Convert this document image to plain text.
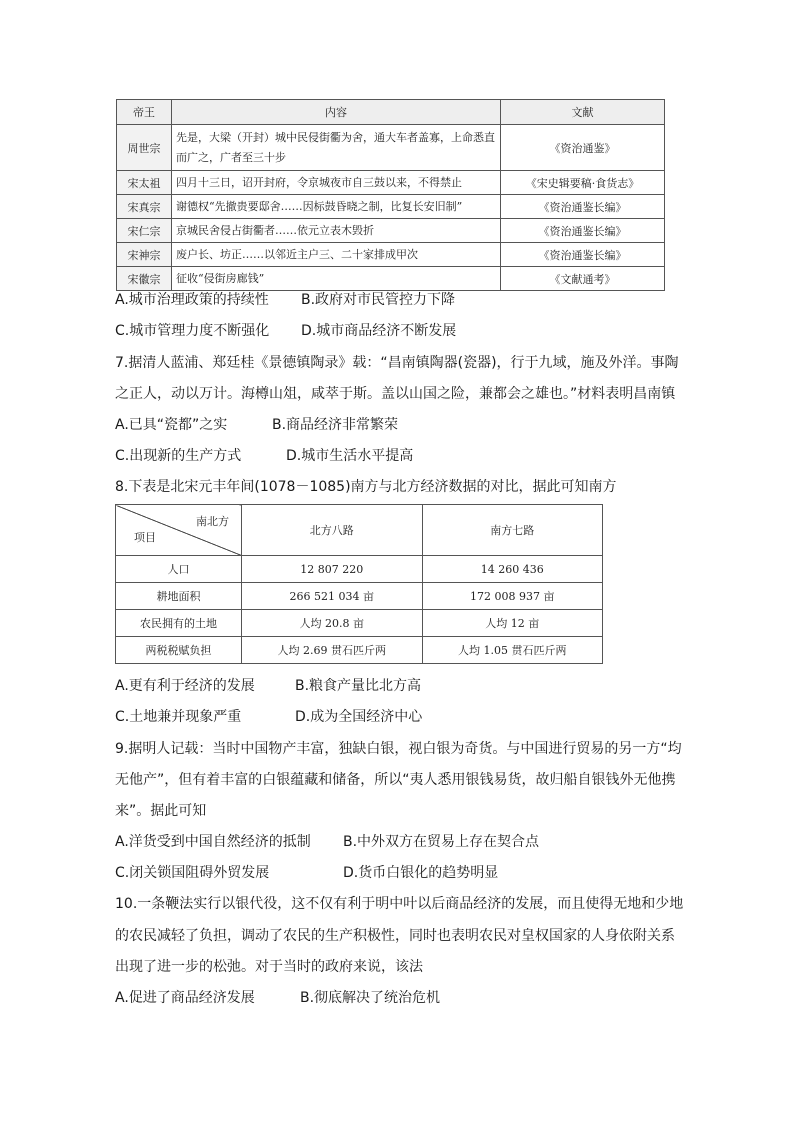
帝王	内容	文献
周世宗	先是，大梁（开封）城中民侵街衢为舍，通大车者盖寡，上命悉直而广之，广者至三十步	《资治通鉴》
宋太祖	四月十三日，诏开封府，令京城夜市自三鼓以来，不得禁止	《宋史辑要稿·食货志》
宋真宗	谢德权“先撤贵要邸舍……因标鼓昏晓之制，比复长安旧制”	《资治通鉴长编》
宋仁宗	京城民舍侵占街衢者……依元立表木毁折	《资治通鉴长编》
宋神宗	废户长、坊正……以邻近主户三、二十家排成甲次	《资治通鉴长编》
宋徽宗	征收“侵街房廊钱”	《文献通考》
A.城市治理政策的持续性 B.政府对市民管控力下降
C.城市管理力度不断强化 D.城市商品经济不断发展
7.据清人蓝浦、郑廷桂《景德镇陶录》载：“昌南镇陶器(瓷器)，行于九域，施及外洋。事陶
之正人，动以万计。海樽山俎，咸萃于斯。盖以山国之险，兼都会之雄也。”材料表明昌南镇
A.已具“瓷都”之实	B.商品经济非常繁荣
C.出现新的生产方式	D.城市生活水平提高
8.下表是北宋元丰年间(1078－1085)南方与北方经济数据的对比，据此可知南方
南北方
项目	北方八路	南方七路
人口	12 807 220	14 260 436
耕地面积	266 521 034 亩	172 008 937 亩
农民拥有的土地	人均 20.8 亩	人均 12 亩
两税税赋负担	人均 2.69 贯石匹斤两	人均 1.05 贯石匹斤两
A.更有利于经济的发展	B.粮食产量比北方高
C.土地兼并现象严重	D.成为全国经济中心
9.据明人记载：当时中国物产丰富，独缺白银，视白银为奇货。与中国进行贸易的另一方“均
无他产”，但有着丰富的白银蕴藏和储备，所以“夷人悉用银钱易货，故归船自银钱外无他携
来”。据此可知
A.洋货受到中国自然经济的抵制 B.中外双方在贸易上存在契合点
C.闭关锁国阻碍外贸发展	D.货币白银化的趋势明显
10.一条鞭法实行以银代役，这不仅有利于明中叶以后商品经济的发展，而且使得无地和少地
的农民减轻了负担，调动了农民的生产积极性，同时也表明农民对皇权国家的人身依附关系
出现了进一步的松弛。对于当时的政府来说，该法
A.促进了商品经济发展	B.彻底解决了统治危机
